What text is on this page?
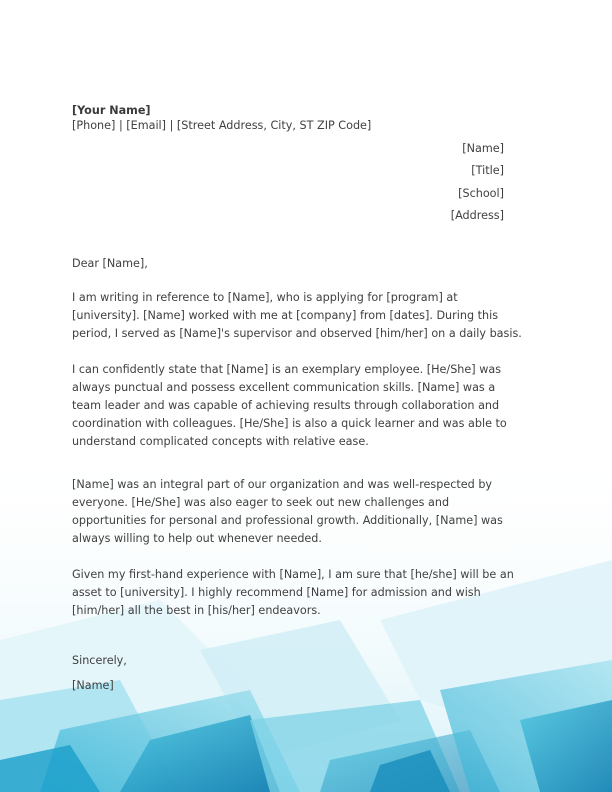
[Your Name]
[Phone] | [Email] | [Street Address, City, ST ZIP Code]
[Name]
[Title]
[School]
[Address]
Dear [Name],
I am writing in reference to [Name], who is applying for [program] at
[university]. [Name] worked with me at [company] from [dates]. During this
period, I served as [Name]'s supervisor and observed [him/her] on a daily basis.
I can confidently state that [Name] is an exemplary employee. [He/She] was
always punctual and possess excellent communication skills. [Name] was a
team leader and was capable of achieving results through collaboration and
coordination with colleagues. [He/She] is also a quick learner and was able to
understand complicated concepts with relative ease.
[Name] was an integral part of our organization and was well-respected by
everyone. [He/She] was also eager to seek out new challenges and
opportunities for personal and professional growth. Additionally, [Name] was
always willing to help out whenever needed.
Given my first-hand experience with [Name], I am sure that [he/she] will be an
asset to [university]. I highly recommend [Name] for admission and wish
[him/her] all the best in [his/her] endeavors.
Sincerely,
[Name]
